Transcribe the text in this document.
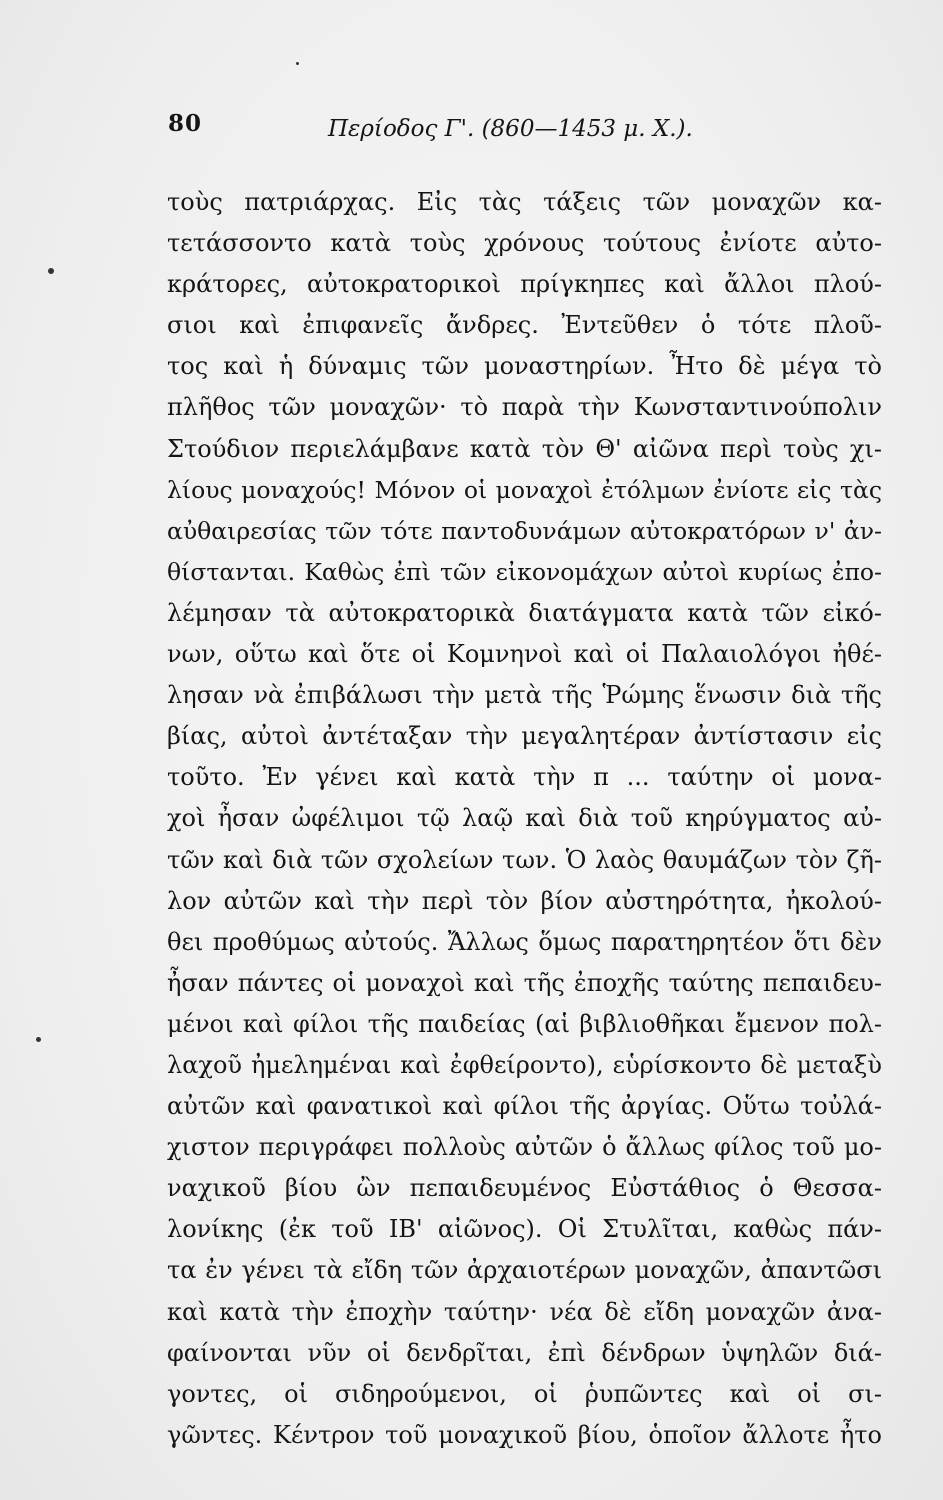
80	Περίοδος Γ'. (860—1453 μ. Χ.).
τοὺς πατριάρχας. Εἰς τὰς τάξεις τῶν μοναχῶν κα-
τετάσσοντο κατὰ τοὺς χρόνους τούτους ἐνίοτε αὐτο-
κράτορες, αὐτοκρατορικοὶ πρίγκηπες καὶ ἄλλοι πλού-
σιοι καὶ ἐπιφανεῖς ἄνδρες. Ἐντεῦθεν ὁ τότε πλοῦ-
τος καὶ ἡ δύναμις τῶν μοναστηρίων. Ἦτο δὲ μέγα τὸ
πλῆθος τῶν μοναχῶν· τὸ παρὰ τὴν Κωνσταντινούπολιν
Στούδιον περιελάμβανε κατὰ τὸν Θ' αἰῶνα περὶ τοὺς χι-
λίους μοναχούς! Μόνον οἱ μοναχοὶ ἐτόλμων ἐνίοτε εἰς τὰς
αὐθαιρεσίας τῶν τότε παντοδυνάμων αὐτοκρατόρων ν' ἀν-
θίστανται. Καθὼς ἐπὶ τῶν εἰκονομάχων αὐτοὶ κυρίως ἐπο-
λέμησαν τὰ αὐτοκρατορικὰ διατάγματα κατὰ τῶν εἰκό-
νων, οὕτω καὶ ὅτε οἱ Κομνηνοὶ καὶ οἱ Παλαιολόγοι ἠθέ-
λησαν νὰ ἐπιβάλωσι τὴν μετὰ τῆς Ῥώμης ἕνωσιν διὰ τῆς
βίας, αὐτοὶ ἀντέταξαν τὴν μεγαλητέραν ἀντίστασιν εἰς
τοῦτο. Ἐν γένει καὶ κατὰ τὴν π ... ταύτην οἱ μονα-
χοὶ ἦσαν ὠφέλιμοι τῷ λαῷ καὶ διὰ τοῦ κηρύγματος αὐ-
τῶν καὶ διὰ τῶν σχολείων των. Ὁ λαὸς θαυμάζων τὸν ζῆ-
λον αὐτῶν καὶ τὴν περὶ τὸν βίον αὐστηρότητα, ἠκολού-
θει προθύμως αὐτούς. Ἄλλως ὅμως παρατηρητέον ὅτι δὲν
ἦσαν πάντες οἱ μοναχοὶ καὶ τῆς ἐποχῆς ταύτης πεπαιδευ-
μένοι καὶ φίλοι τῆς παιδείας (αἱ βιβλιοθῆκαι ἔμενον πολ-
λαχοῦ ἠμελημέναι καὶ ἐφθείροντο), εὑρίσκοντο δὲ μεταξὺ
αὐτῶν καὶ φανατικοὶ καὶ φίλοι τῆς ἀργίας. Οὕτω τοὐλά-
χιστον περιγράφει πολλοὺς αὐτῶν ὁ ἄλλως φίλος τοῦ μο-
ναχικοῦ βίου ὢν πεπαιδευμένος Εὐστάθιος ὁ Θεσσα-
λονίκης (ἐκ τοῦ ΙΒ' αἰῶνος). Οἱ Στυλῖται, καθὼς πάν-
τα ἐν γένει τὰ εἴδη τῶν ἀρχαιοτέρων μοναχῶν, ἀπαντῶσι
καὶ κατὰ τὴν ἐποχὴν ταύτην· νέα δὲ εἴδη μοναχῶν ἀνα-
φαίνονται νῦν οἱ δενδρῖται, ἐπὶ δένδρων ὑψηλῶν διά-
γοντες, οἱ σιδηρούμενοι, οἱ ῥυπῶντες καὶ οἱ σι-
γῶντες. Κέντρον τοῦ μοναχικοῦ βίου, ὁποῖον ἄλλοτε ἦτο
